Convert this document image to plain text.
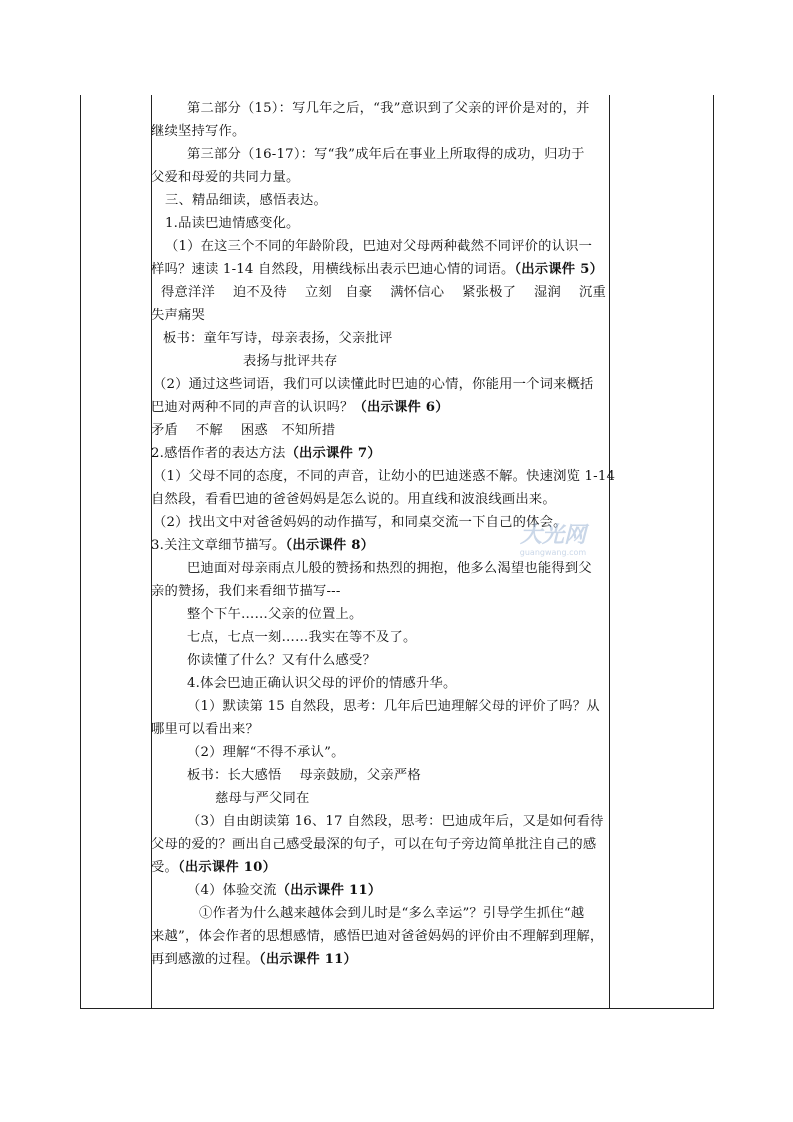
第二部分（15）：写几年之后，“我”意识到了父亲的评价是对的，并
继续坚持写作。
第三部分（16-17）：写“我”成年后在事业上所取得的成功，归功于
父爱和母爱的共同力量。
三、精品细读，感悟表达。
1.品读巴迪情感变化。
（1）在这三个不同的年龄阶段，巴迪对父母两种截然不同评价的认识一
样吗？速读 1-14 自然段，用横线标出表示巴迪心情的词语。（出示课件 5）
得意洋洋　 迫不及待　 立刻　自豪　 满怀信心　 紧张极了　 湿润　 沉重
失声痛哭
板书：童年写诗，母亲表扬，父亲批评
表扬与批评共存
（2）通过这些词语，我们可以读懂此时巴迪的心情，你能用一个词来概括
巴迪对两种不同的声音的认识吗？（出示课件 6）
矛盾　 不解　 困惑　不知所措
2.感悟作者的表达方法（出示课件 7）
（1）父母不同的态度，不同的声音，让幼小的巴迪迷惑不解。快速浏览 1-14
自然段，看看巴迪的爸爸妈妈是怎么说的。用直线和波浪线画出来。
（2）找出文中对爸爸妈妈的动作描写，和同桌交流一下自己的体会。
3.关注文章细节描写。（出示课件 8）
巴迪面对母亲雨点儿般的赞扬和热烈的拥抱，他多么渴望也能得到父
亲的赞扬，我们来看细节描写---
整个下午……父亲的位置上。
七点，七点一刻……我实在等不及了。
你读懂了什么？又有什么感受？
4.体会巴迪正确认识父母的评价的情感升华。
（1）默读第 15 自然段，思考：几年后巴迪理解父母的评价了吗？从
哪里可以看出来？
（2）理解“不得不承认”。
板书：长大感悟　 母亲鼓励，父亲严格
慈母与严父同在
（3）自由朗读第 16、17 自然段，思考：巴迪成年后，又是如何看待
父母的爱的？画出自己感受最深的句子，可以在句子旁边简单批注自己的感
受。（出示课件 10）
（4）体验交流（出示课件 11）
①作者为什么越来越体会到儿时是“多么幸运”？引导学生抓住“越
来越”，体会作者的思想感情，感悟巴迪对爸爸妈妈的评价由不理解到理解，
再到感激的过程。（出示课件 11）
大光网
guangwang.com
